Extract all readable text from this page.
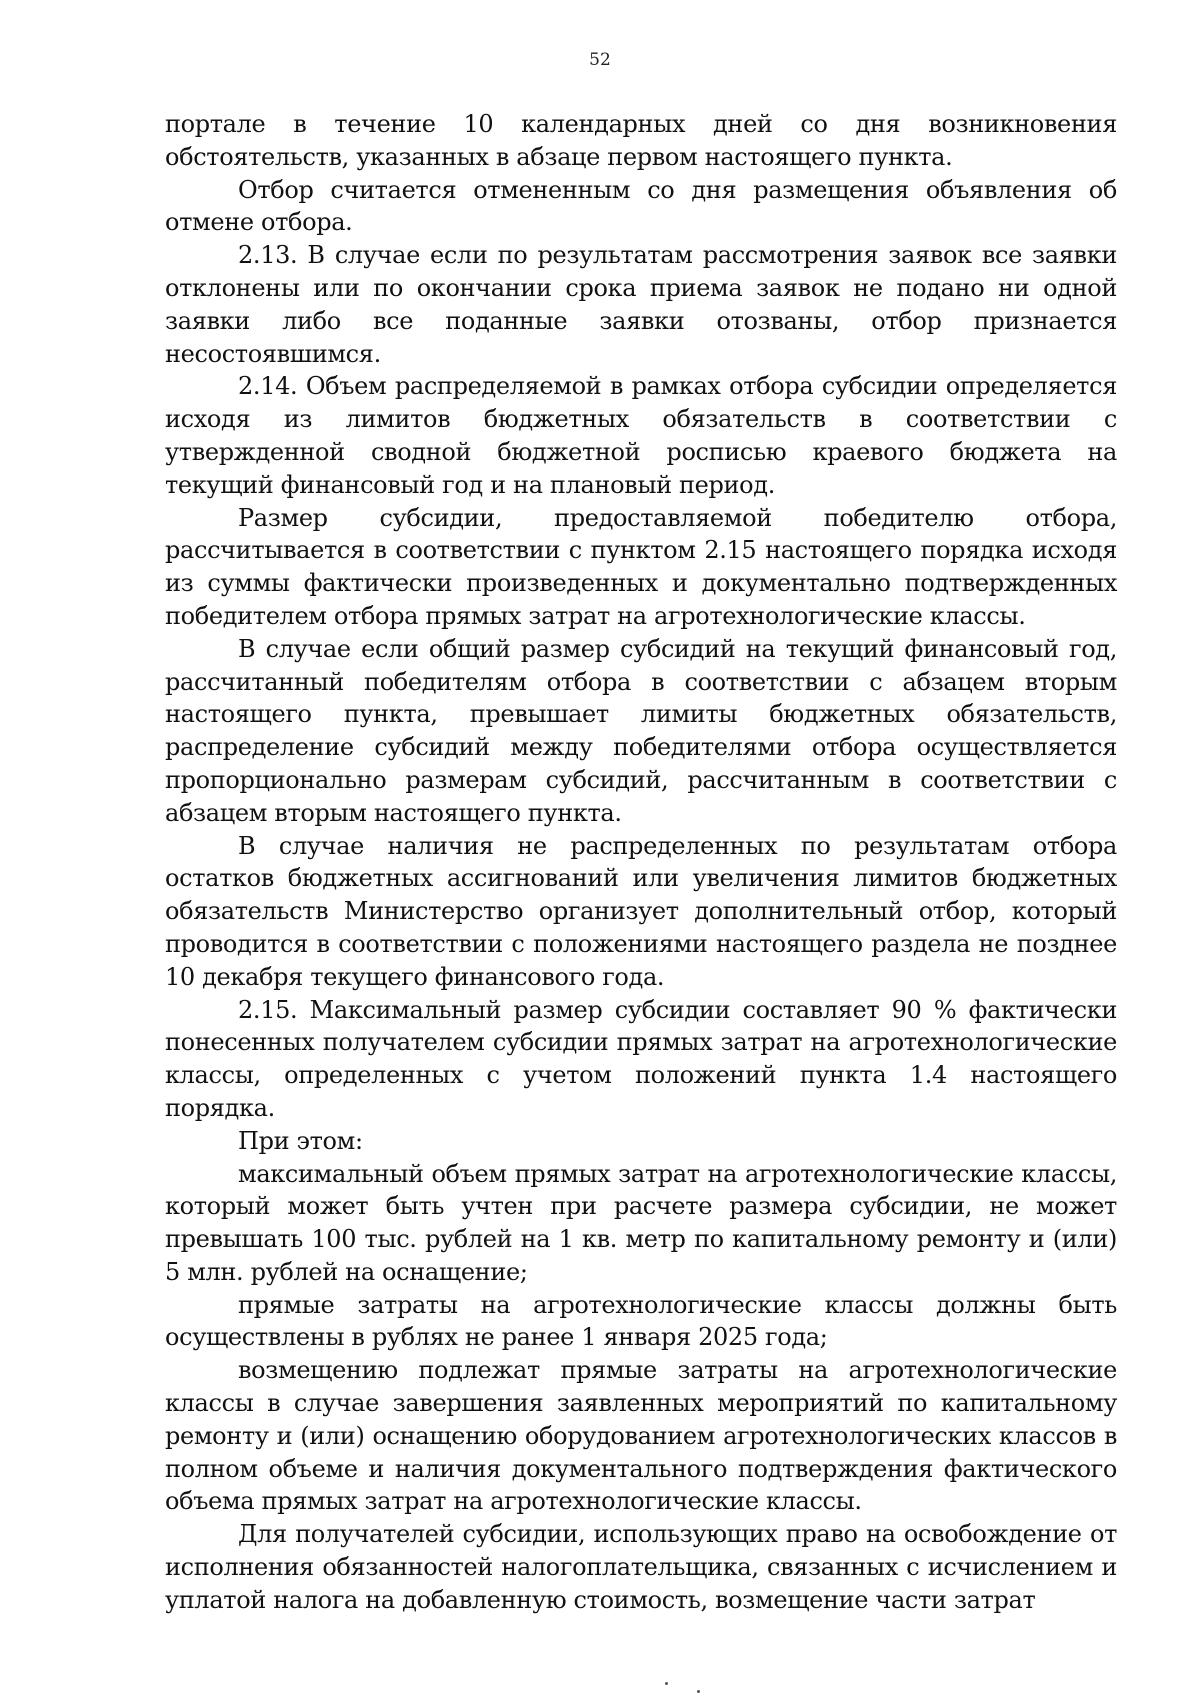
52

порталe в течение 10 календарных дней со дня возникновения обстоятельств, указанных в абзаце первом настоящего пункта.

Отбор считается отмененным со дня размещения объявления об отмене отбора.

2.13. В случае если по результатам рассмотрения заявок все заявки отклонены или по окончании срока приема заявок не подано ни одной заявки либо все поданные заявки отозваны, отбор признается несостоявшимся.

2.14. Объем распределяемой в рамках отбора субсидии определяется исходя из лимитов бюджетных обязательств в соответствии с утвержденной сводной бюджетной росписью краевого бюджета на текущий финансовый год и на плановый период.

Размер субсидии, предоставляемой победителю отбора, рассчитывается в соответствии с пунктом 2.15 настоящего порядка исходя из суммы фактически произведенных и документально подтвержденных победителем отбора прямых затрат на агротехнологические классы.

В случае если общий размер субсидий на текущий финансовый год, рассчитанный победителям отбора в соответствии с абзацем вторым настоящего пункта, превышает лимиты бюджетных обязательств, распределение субсидий между победителями отбора осуществляется пропорционально размерам субсидий, рассчитанным в соответствии с абзацем вторым настоящего пункта.

В случае наличия не распределенных по результатам отбора остатков бюджетных ассигнований или увеличения лимитов бюджетных обязательств Министерство организует дополнительный отбор, который проводится в соответствии с положениями настоящего раздела не позднее 10 декабря текущего финансового года.

2.15. Максимальный размер субсидии составляет 90 % фактически понесенных получателем субсидии прямых затрат на агротехнологические классы, определенных с учетом положений пункта 1.4 настоящего порядка.

При этом:

максимальный объем прямых затрат на агротехнологические классы, который может быть учтен при расчете размера субсидии, не может превышать 100 тыс. рублей на 1 кв. метр по капитальному ремонту и (или) 5 млн. рублей на оснащение;

прямые затраты на агротехнологические классы должны быть осуществлены в рублях не ранее 1 января 2025 года;

возмещению подлежат прямые затраты на агротехнологические классы в случае завершения заявленных мероприятий по капитальному ремонту и (или) оснащению оборудованием агротехнологических классов в полном объеме и наличия документального подтверждения фактического объема прямых затрат на агротехнологические классы.

Для получателей субсидии, использующих право на освобождение от исполнения обязанностей налогоплательщика, связанных с исчислением и уплатой налога на добавленную стоимость, возмещение части затрат
